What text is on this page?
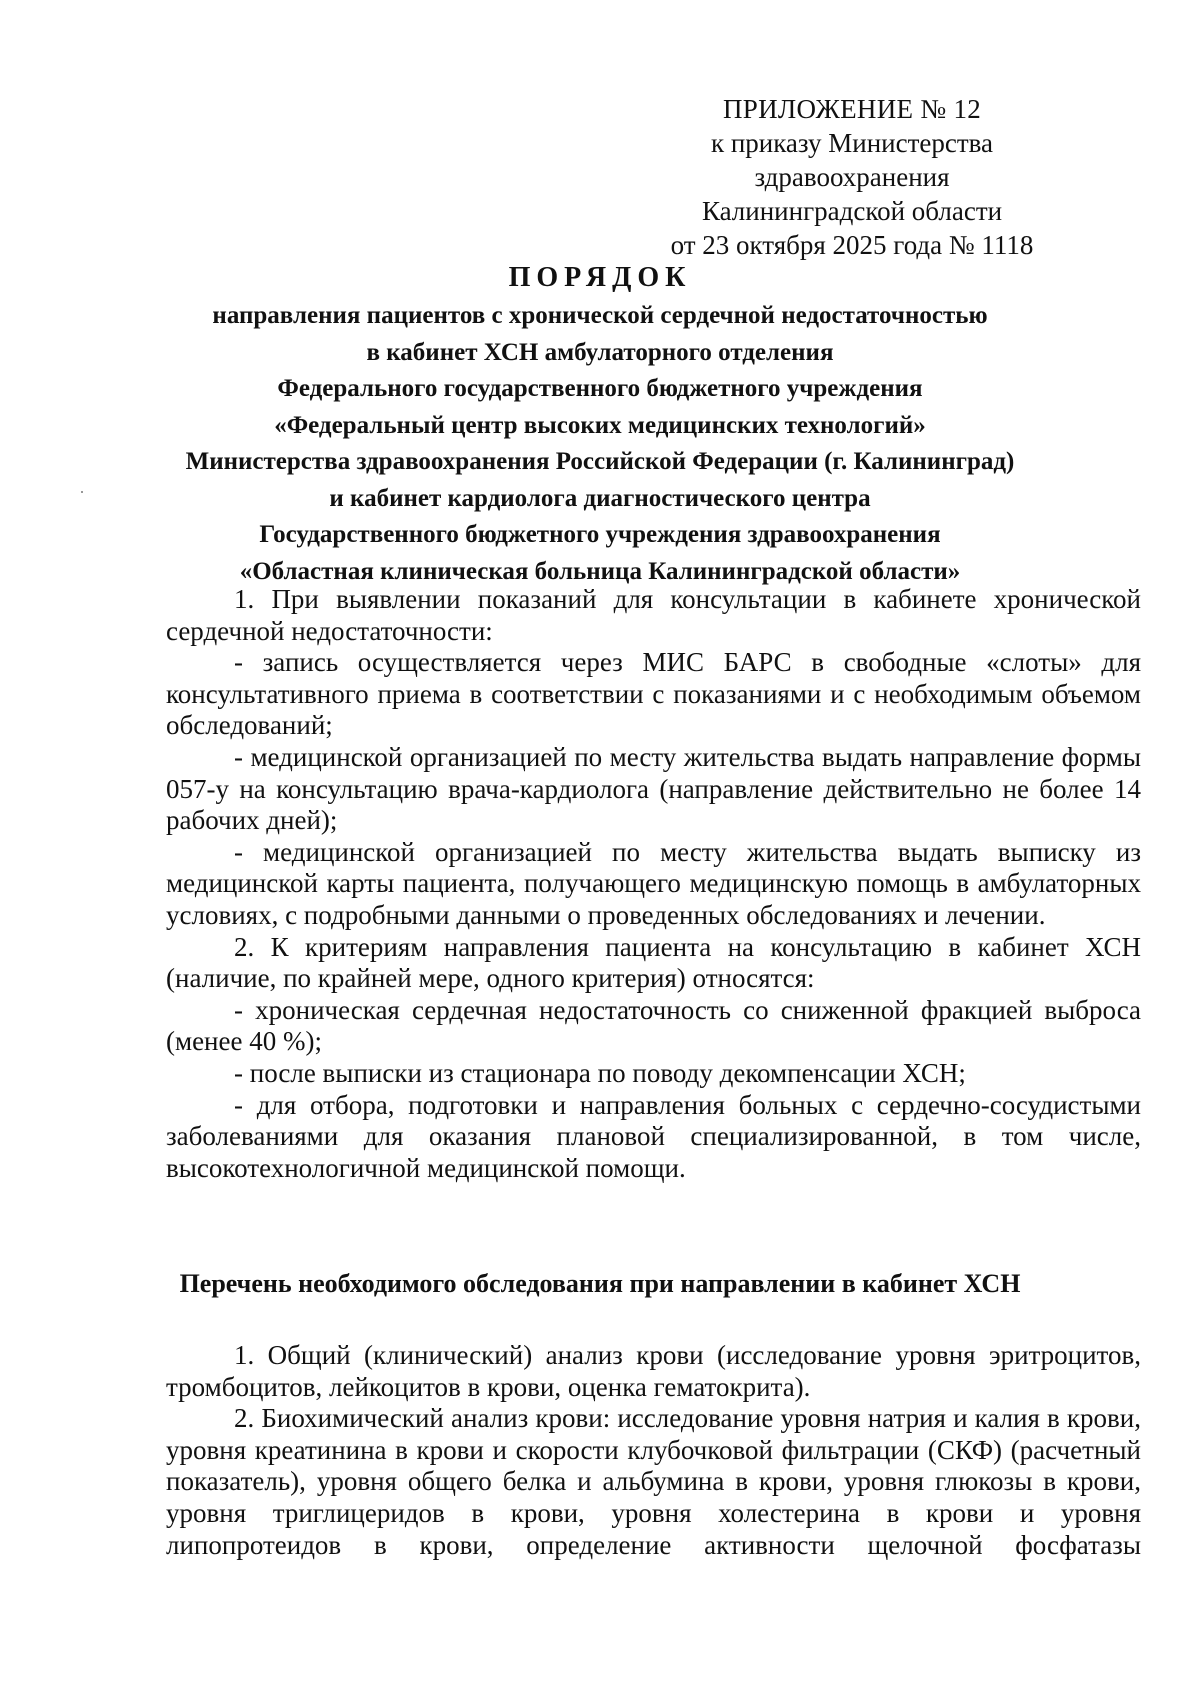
ПРИЛОЖЕНИЕ № 12
к приказу Министерства здравоохранения
Калининградской области
от 23 октября 2025 года № 1118
ПОРЯДОК
направления пациентов с хронической сердечной недостаточностью
в кабинет ХСН амбулаторного отделения
Федерального государственного бюджетного учреждения
«Федеральный центр высоких медицинских технологий»
Министерства здравоохранения Российской Федерации (г. Калининград)
и кабинет кардиолога диагностического центра
Государственного бюджетного учреждения здравоохранения
«Областная клиническая больница Калининградской области»

1. При выявлении показаний для консультации в кабинете хронической сердечной недостаточности:

- запись осуществляется через МИС БАРС в свободные «слоты» для консультативного приема в соответствии с показаниями и с необходимым объемом обследований;

- медицинской организацией по месту жительства выдать направление формы 057-у на консультацию врача-кардиолога (направление действительно не более 14 рабочих дней);

- медицинской организацией по месту жительства выдать выписку из медицинской карты пациента, получающего медицинскую помощь в амбулаторных условиях, с подробными данными о проведенных обследованиях и лечении.

2. К критериям направления пациента на консультацию в кабинет ХСН (наличие, по крайней мере, одного критерия) относятся:

- хроническая сердечная недостаточность со сниженной фракцией выброса (менее 40 %);

- после выписки из стационара по поводу декомпенсации ХСН;

- для отбора, подготовки и направления больных с сердечно-сосудистыми заболеваниями для оказания плановой специализированной, в том числе, высокотехнологичной медицинской помощи.

Перечень необходимого обследования при направлении в кабинет ХСН

1. Общий (клинический) анализ крови (исследование уровня эритроцитов, тромбоцитов, лейкоцитов в крови, оценка гематокрита).

2. Биохимический анализ крови: исследование уровня натрия и калия в крови, уровня креатинина в крови и скорости клубочковой фильтрации (СКФ) (расчетный показатель), уровня общего белка и альбумина в крови, уровня глюкозы в крови, уровня триглицеридов в крови, уровня холестерина в крови и уровня липопротеидов в крови, определение активности щелочной фосфатазы
